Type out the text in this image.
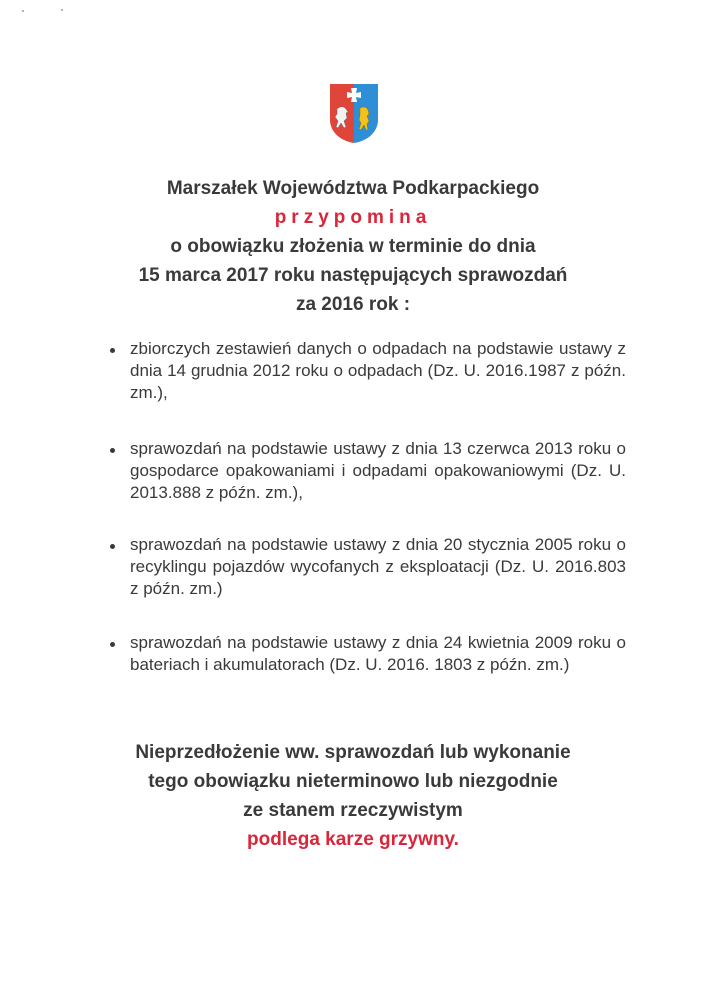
Marszałek Województwa Podkarpackiego
przypomina
o obowiązku złożenia w terminie do dnia
15 marca 2017 roku następujących sprawozdań
za 2016 rok :
zbiorczych zestawień danych o odpadach na podstawie ustawy z dnia 14 grudnia 2012 roku o odpadach (Dz. U. 2016.1987 z późn. zm.),
sprawozdań na podstawie ustawy z dnia 13 czerwca 2013 roku o gospodarce opakowaniami i odpadami opakowaniowymi (Dz. U. 2013.888 z późn. zm.),
sprawozdań na podstawie ustawy z dnia 20 stycznia 2005 roku o recyklingu pojazdów wycofanych z eksploatacji (Dz. U. 2016.803 z późn. zm.)
sprawozdań na podstawie ustawy z dnia 24 kwietnia 2009 roku o bateriach i akumulatorach (Dz. U. 2016. 1803 z późn. zm.)
Nieprzedłożenie ww. sprawozdań lub wykonanie
tego obowiązku nieterminowo lub niezgodnie
ze stanem rzeczywistym
podlega karze grzywny.
